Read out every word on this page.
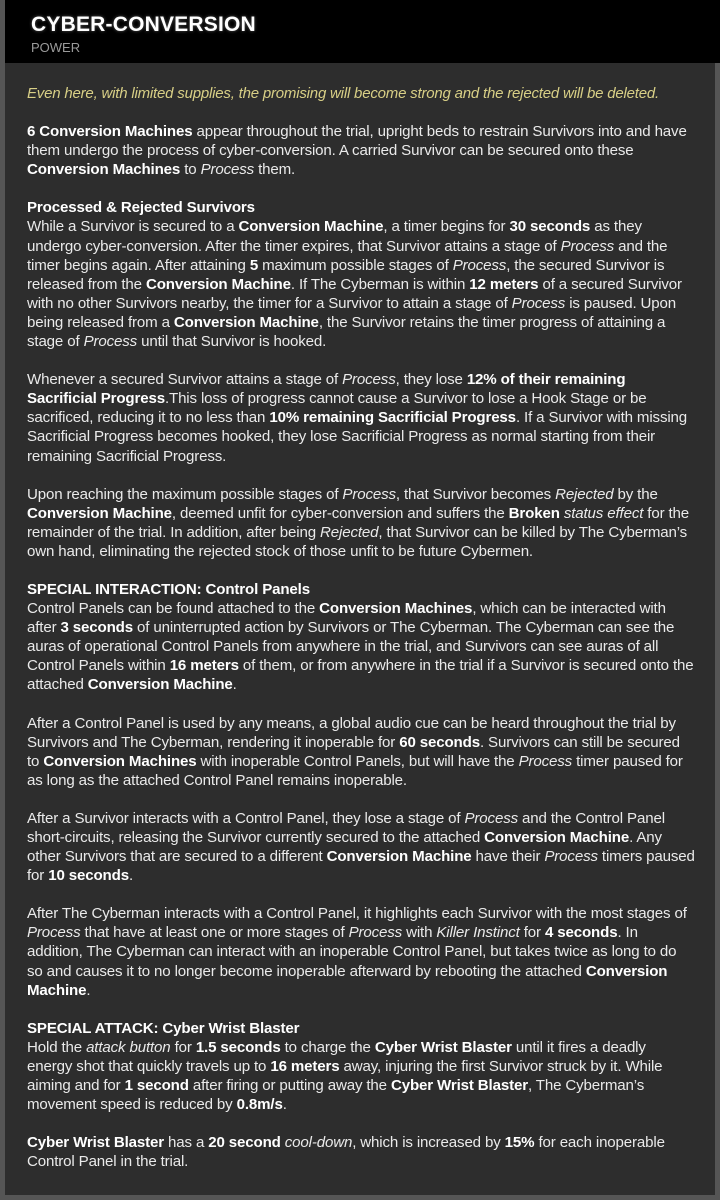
CYBER-CONVERSION
POWER

Even here, with limited supplies, the promising will become strong and the rejected will be deleted.

6 Conversion Machines appear throughout the trial, upright beds to restrain Survivors into and have them undergo the process of cyber-conversion. A carried Survivor can be secured onto these Conversion Machines to Process them.

Processed & Rejected Survivors
While a Survivor is secured to a Conversion Machine, a timer begins for 30 seconds as they undergo cyber-conversion. After the timer expires, that Survivor attains a stage of Process and the timer begins again. After attaining 5 maximum possible stages of Process, the secured Survivor is released from the Conversion Machine. If The Cyberman is within 12 meters of a secured Survivor with no other Survivors nearby, the timer for a Survivor to attain a stage of Process is paused. Upon being released from a Conversion Machine, the Survivor retains the timer progress of attaining a stage of Process until that Survivor is hooked.

Whenever a secured Survivor attains a stage of Process, they lose 12% of their remaining Sacrificial Progress.This loss of progress cannot cause a Survivor to lose a Hook Stage or be sacrificed, reducing it to no less than 10% remaining Sacrificial Progress. If a Survivor with missing Sacrificial Progress becomes hooked, they lose Sacrificial Progress as normal starting from their remaining Sacrificial Progress.

Upon reaching the maximum possible stages of Process, that Survivor becomes Rejected by the Conversion Machine, deemed unfit for cyber-conversion and suffers the Broken status effect for the remainder of the trial. In addition, after being Rejected, that Survivor can be killed by The Cyberman’s own hand, eliminating the rejected stock of those unfit to be future Cybermen.

SPECIAL INTERACTION: Control Panels
Control Panels can be found attached to the Conversion Machines, which can be interacted with after 3 seconds of uninterrupted action by Survivors or The Cyberman. The Cyberman can see the auras of operational Control Panels from anywhere in the trial, and Survivors can see auras of all Control Panels within 16 meters of them, or from anywhere in the trial if a Survivor is secured onto the attached Conversion Machine.

After a Control Panel is used by any means, a global audio cue can be heard throughout the trial by Survivors and The Cyberman, rendering it inoperable for 60 seconds. Survivors can still be secured to Conversion Machines with inoperable Control Panels, but will have the Process timer paused for as long as the attached Control Panel remains inoperable.

After a Survivor interacts with a Control Panel, they lose a stage of Process and the Control Panel short-circuits, releasing the Survivor currently secured to the attached Conversion Machine. Any other Survivors that are secured to a different Conversion Machine have their Process timers paused for 10 seconds.

After The Cyberman interacts with a Control Panel, it highlights each Survivor with the most stages of Process that have at least one or more stages of Process with Killer Instinct for 4 seconds. In addition, The Cyberman can interact with an inoperable Control Panel, but takes twice as long to do so and causes it to no longer become inoperable afterward by rebooting the attached Conversion Machine.

SPECIAL ATTACK: Cyber Wrist Blaster
Hold the attack button for 1.5 seconds to charge the Cyber Wrist Blaster until it fires a deadly energy shot that quickly travels up to 16 meters away, injuring the first Survivor struck by it. While aiming and for 1 second after firing or putting away the Cyber Wrist Blaster, The Cyberman’s movement speed is reduced by 0.8m/s.

Cyber Wrist Blaster has a 20 second cool-down, which is increased by 15% for each inoperable Control Panel in the trial.
